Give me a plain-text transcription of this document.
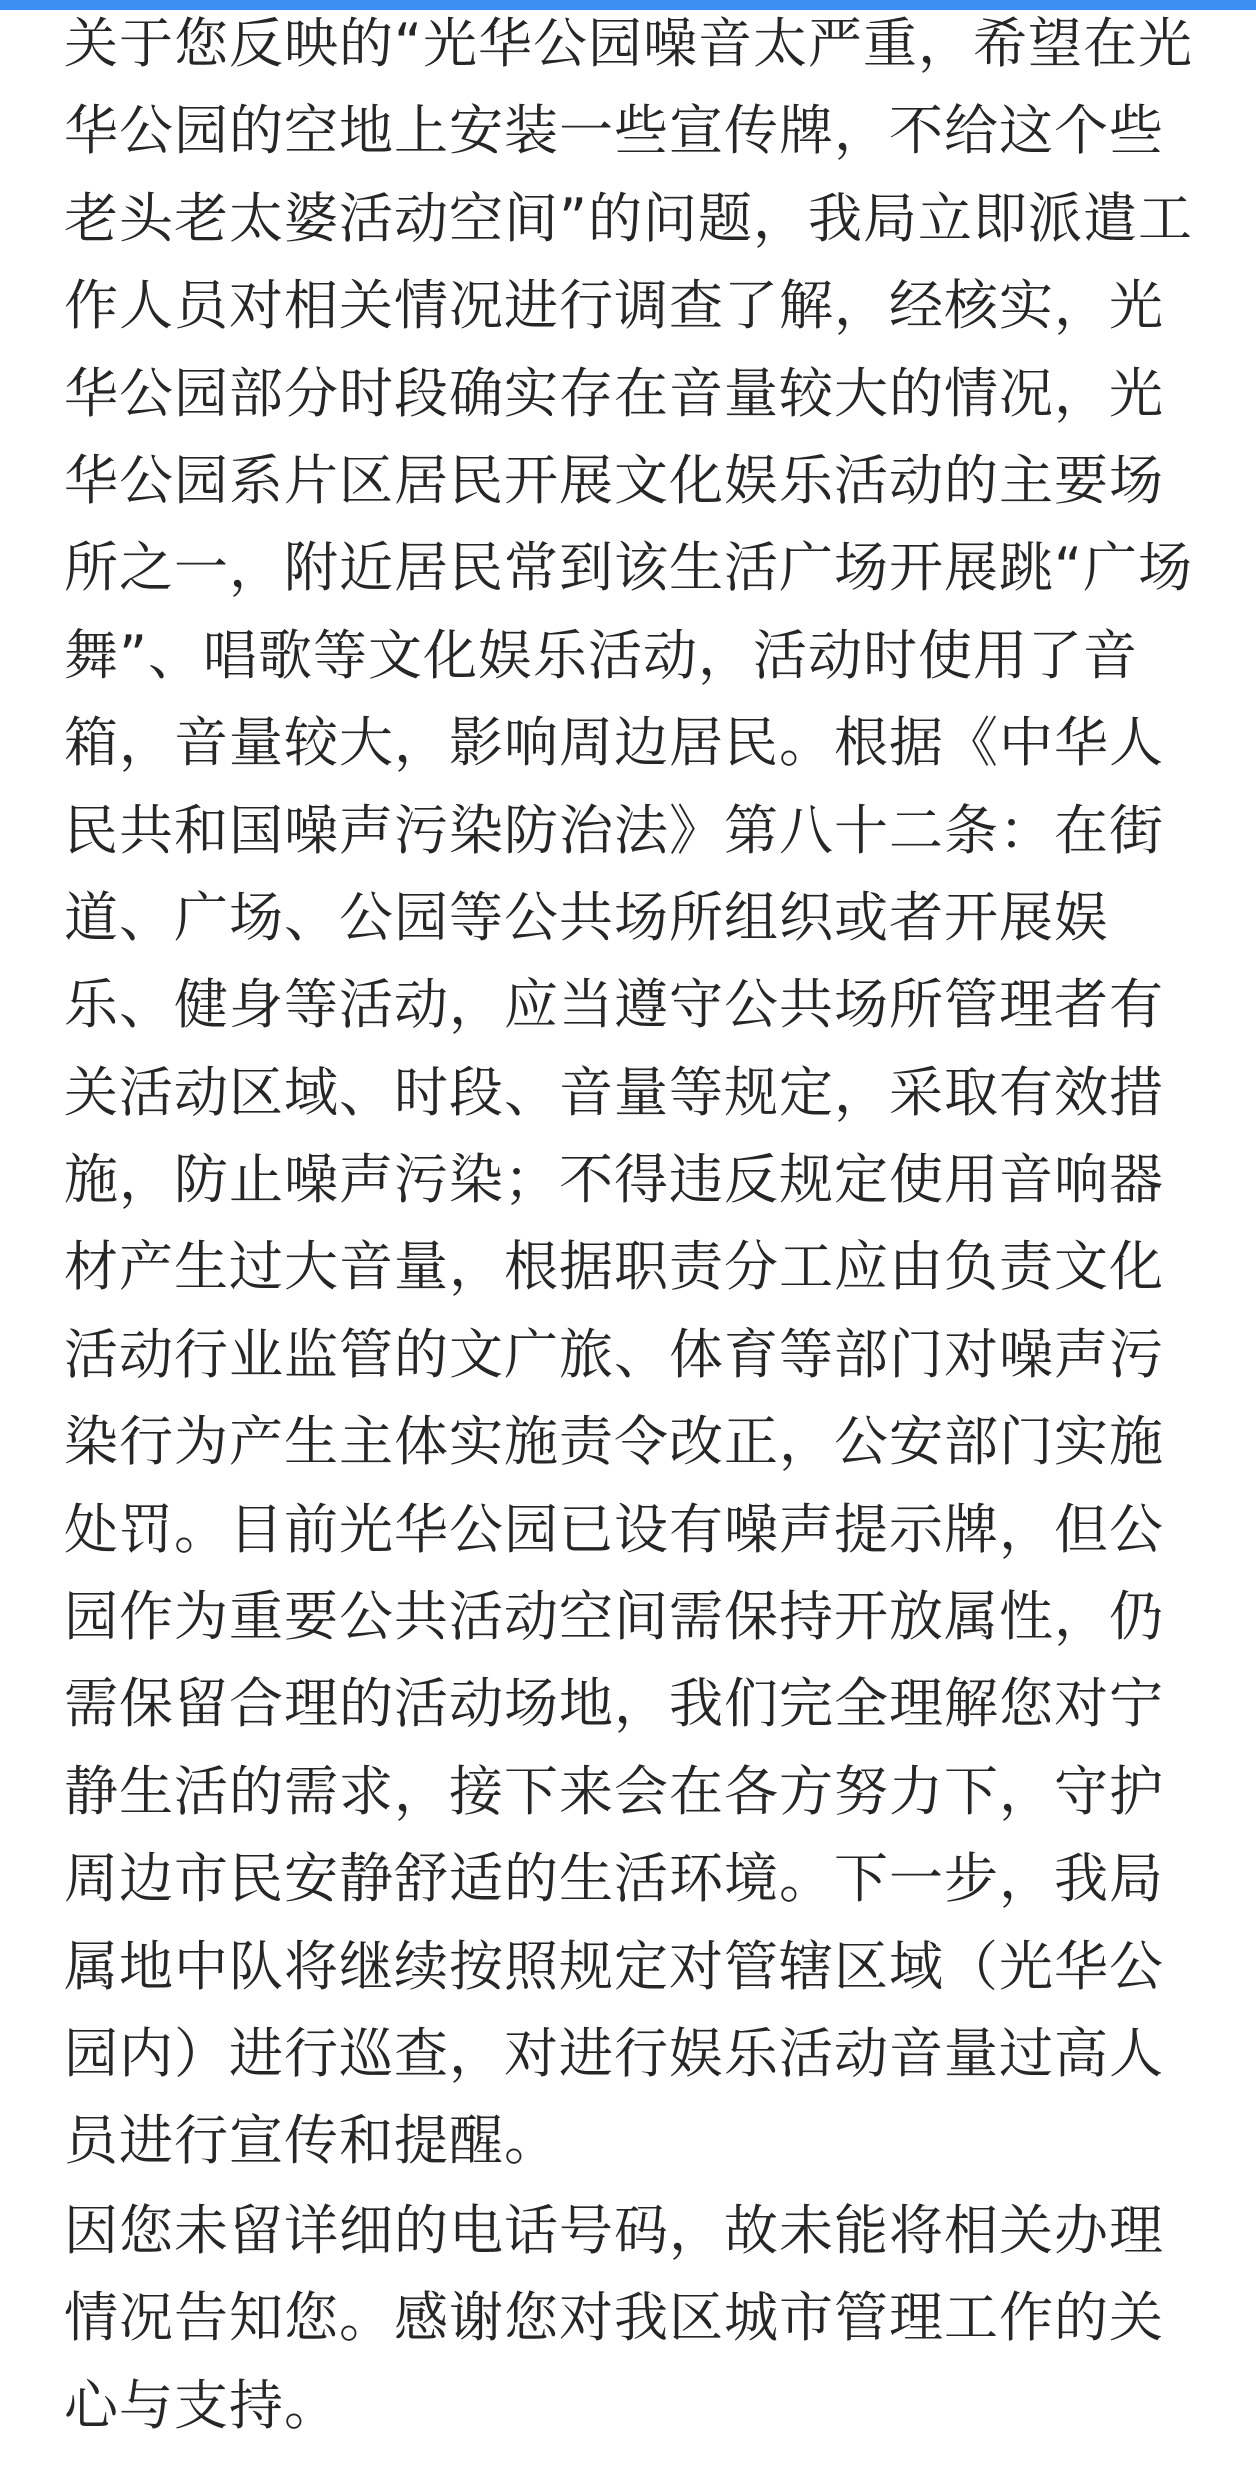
关于您反映的“光华公园噪音太严重，希望在光
华公园的空地上安装一些宣传牌，不给这个些
老头老太婆活动空间”的问题，我局立即派遣工
作人员对相关情况进行调查了解，经核实，光
华公园部分时段确实存在音量较大的情况，光
华公园系片区居民开展文化娱乐活动的主要场
所之一，附近居民常到该生活广场开展跳“广场
舞”、唱歌等文化娱乐活动，活动时使用了音
箱，音量较大，影响周边居民。根据《中华人
民共和国噪声污染防治法》第八十二条：在街
道、广场、公园等公共场所组织或者开展娱
乐、健身等活动，应当遵守公共场所管理者有
关活动区域、时段、音量等规定，采取有效措
施，防止噪声污染；不得违反规定使用音响器
材产生过大音量，根据职责分工应由负责文化
活动行业监管的文广旅、体育等部门对噪声污
染行为产生主体实施责令改正，公安部门实施
处罚。目前光华公园已设有噪声提示牌，但公
园作为重要公共活动空间需保持开放属性，仍
需保留合理的活动场地，我们完全理解您对宁
静生活的需求，接下来会在各方努力下，守护
周边市民安静舒适的生活环境。下一步，我局
属地中队将继续按照规定对管辖区域（光华公
园内）进行巡查，对进行娱乐活动音量过高人
员进行宣传和提醒。
因您未留详细的电话号码，故未能将相关办理
情况告知您。感谢您对我区城市管理工作的关
心与支持。
